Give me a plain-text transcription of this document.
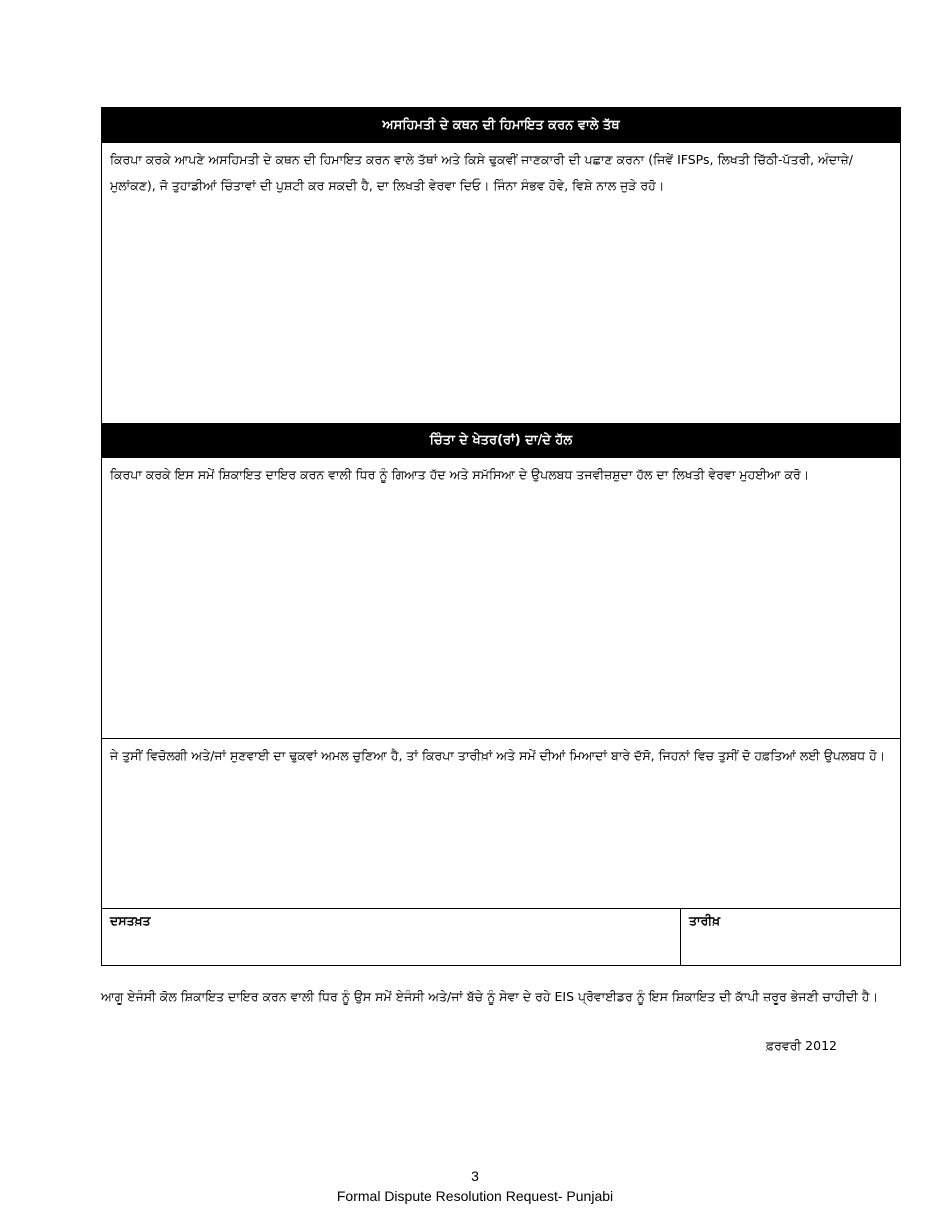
ਅਸਹਿਮਤੀ ਦੇ ਕਥਨ ਦੀ ਹਿਮਾਇਤ ਕਰਨ ਵਾਲੇ ਤੱਥ
ਕਿਰਪਾ ਕਰਕੇ ਆਪਣੇ ਅਸਹਿਮਤੀ ਦੇ ਕਥਨ ਦੀ ਹਿਮਾਇਤ ਕਰਨ ਵਾਲੇ ਤੱਥਾਂ ਅਤੇ ਕਿਸੇ ਢੁਕਵੀਂ ਜਾਣਕਾਰੀ ਦੀ ਪਛਾਣ ਕਰਨਾ (ਜਿਵੇਂ IFSPs, ਲਿਖਤੀ ਚਿੱਠੀ-ਪੱਤਰੀ, ਅੰਦਾਜ਼ੇ/ਮੁਲਾਂਕਣ), ਜੋ ਤੁਹਾਡੀਆਂ ਚਿੰਤਾਵਾਂ ਦੀ ਪੁਸ਼ਟੀ ਕਰ ਸਕਦੀ ਹੈ, ਦਾ ਲਿਖਤੀ ਵੇਰਵਾ ਦਿਓ। ਜਿੰਨਾ ਸੰਭਵ ਹੋਵੇ, ਵਿਸ਼ੇ ਨਾਲ ਜੁੜੇ ਰਹੋ।
ਚਿੰਤਾ ਦੇ ਖੇਤਰ(ਰਾਂ) ਦਾ/ਦੇ ਹੱਲ
ਕਿਰਪਾ ਕਰਕੇ ਇਸ ਸਮੇਂ ਸ਼ਿਕਾਇਤ ਦਾਇਰ ਕਰਨ ਵਾਲੀ ਧਿਰ ਨੂੰ ਗਿਆਤ ਹੱਦ ਅਤੇ ਸਮੱਸਿਆ ਦੇ ਉਪਲਬਧ ਤਜਵੀਜ਼ਸ਼ੁਦਾ ਹੱਲ ਦਾ ਲਿਖਤੀ ਵੇਰਵਾ ਮੁਹਈਆ ਕਰੋ।
ਜੇ ਤੁਸੀਂ ਵਿਚੋਲਗੀ ਅਤੇ/ਜਾਂ ਸੁਣਵਾਈ ਦਾ ਢੁਕਵਾਂ ਅਮਲ ਚੁਣਿਆ ਹੈ, ਤਾਂ ਕਿਰਪਾ ਤਾਰੀਖ਼ਾਂ ਅਤੇ ਸਮੇਂ ਦੀਆਂ ਮਿਆਦਾਂ ਬਾਰੇ ਦੱਸੋ, ਜਿਹਨਾਂ ਵਿਚ ਤੁਸੀਂ ਦੋ ਹਫ਼ਤਿਆਂ ਲਈ ਉਪਲਬਧ ਹੋ।
ਦਸਤਖ਼ਤ	ਤਾਰੀਖ਼
ਆਗੂ ਏਜੰਸੀ ਕੋਲ ਸ਼ਿਕਾਇਤ ਦਾਇਰ ਕਰਨ ਵਾਲੀ ਧਿਰ ਨੂੰ ਉਸ ਸਮੇਂ ਏਜੰਸੀ ਅਤੇ/ਜਾਂ ਬੱਚੇ ਨੂੰ ਸੇਵਾ ਦੇ ਰਹੇ EIS ਪ੍ਰੋਵਾਈਡਰ ਨੂੰ ਇਸ ਸ਼ਿਕਾਇਤ ਦੀ ਕਾੱਪੀ ਜ਼ਰੂਰ ਭੇਜਣੀ ਚਾਹੀਦੀ ਹੈ।
ਫ਼ਰਵਰੀ 2012
3
Formal Dispute Resolution Request- Punjabi
